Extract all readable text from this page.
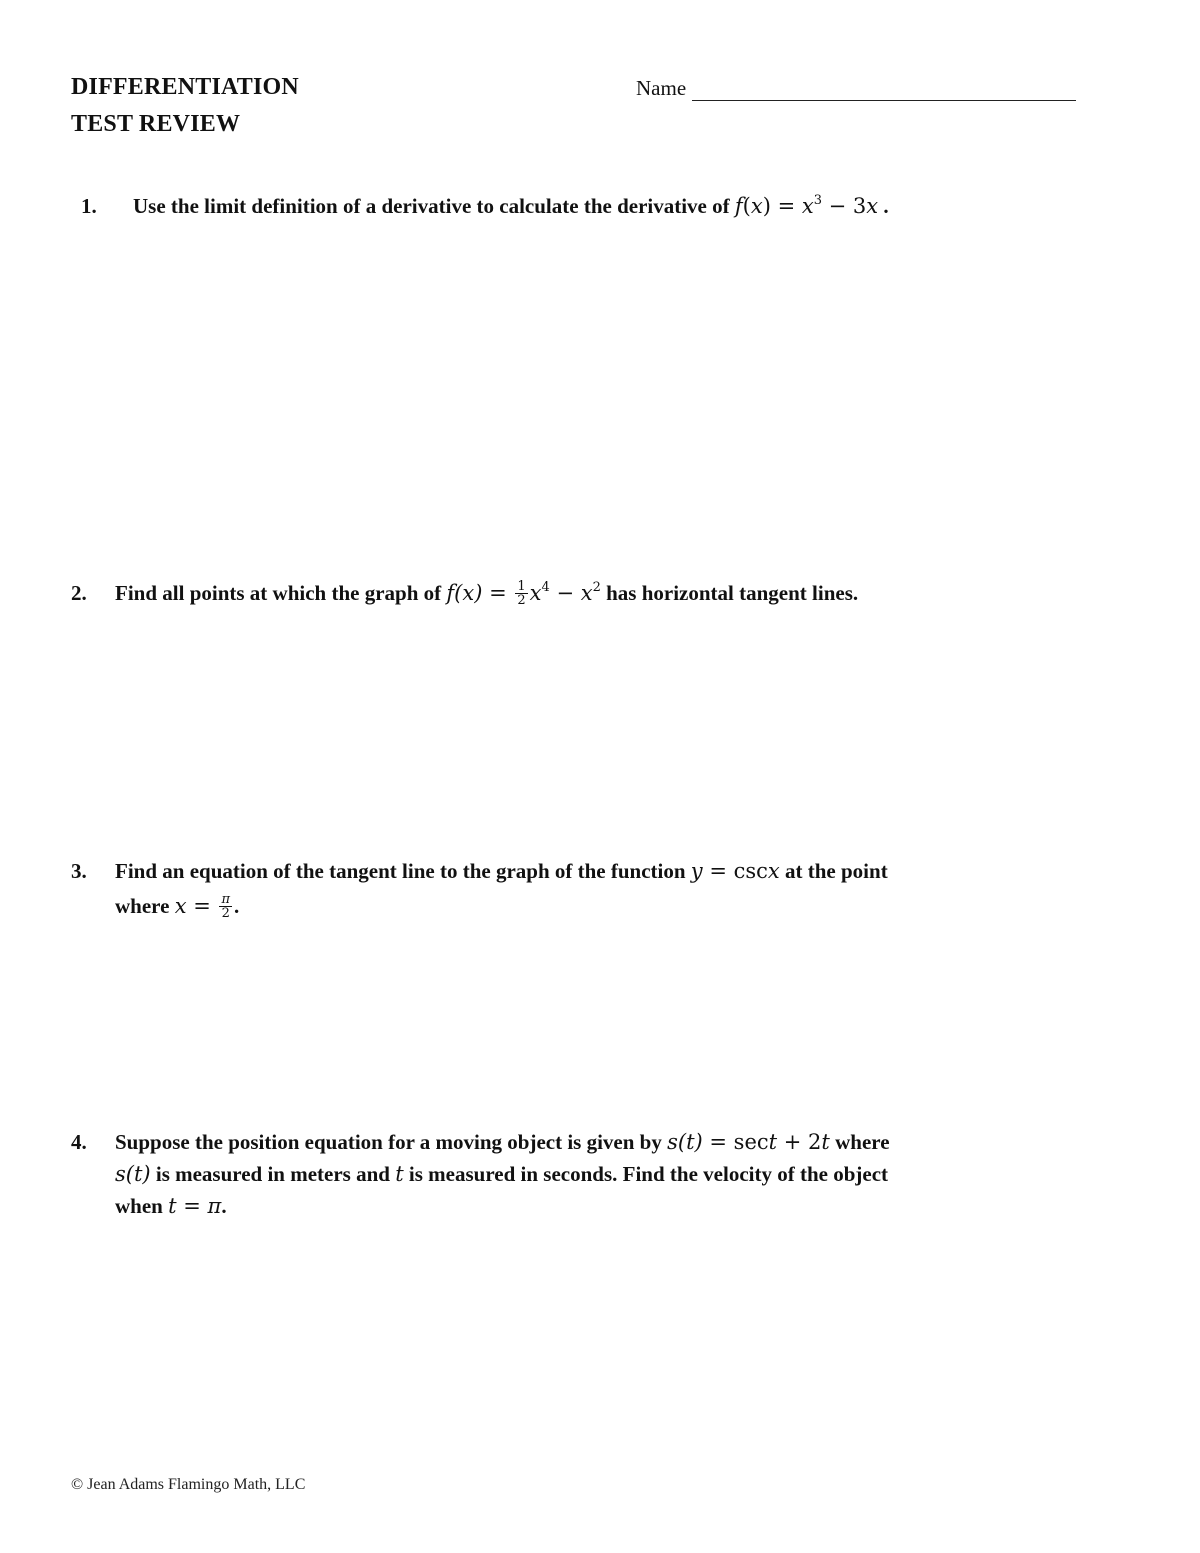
DIFFERENTIATION
TEST REVIEW
Name
1. Use the limit definition of a derivative to calculate the derivative of $f(x) = x^3 - 3x$ .
2. Find all points at which the graph of $f(x) = \frac{1}{2} x^4 - x^2$ has horizontal tangent lines.
3. Find an equation of the tangent line to the graph of the function y = cscx at the point
where $x = \frac{\pi}{2}$ .
4. Suppose the position equation for a moving object is given by s(t) = sect + 2t where
s(t) is measured in meters and t is measured in seconds. Find the velocity of the object
when t = π.
© Jean Adams Flamingo Math, LLC
